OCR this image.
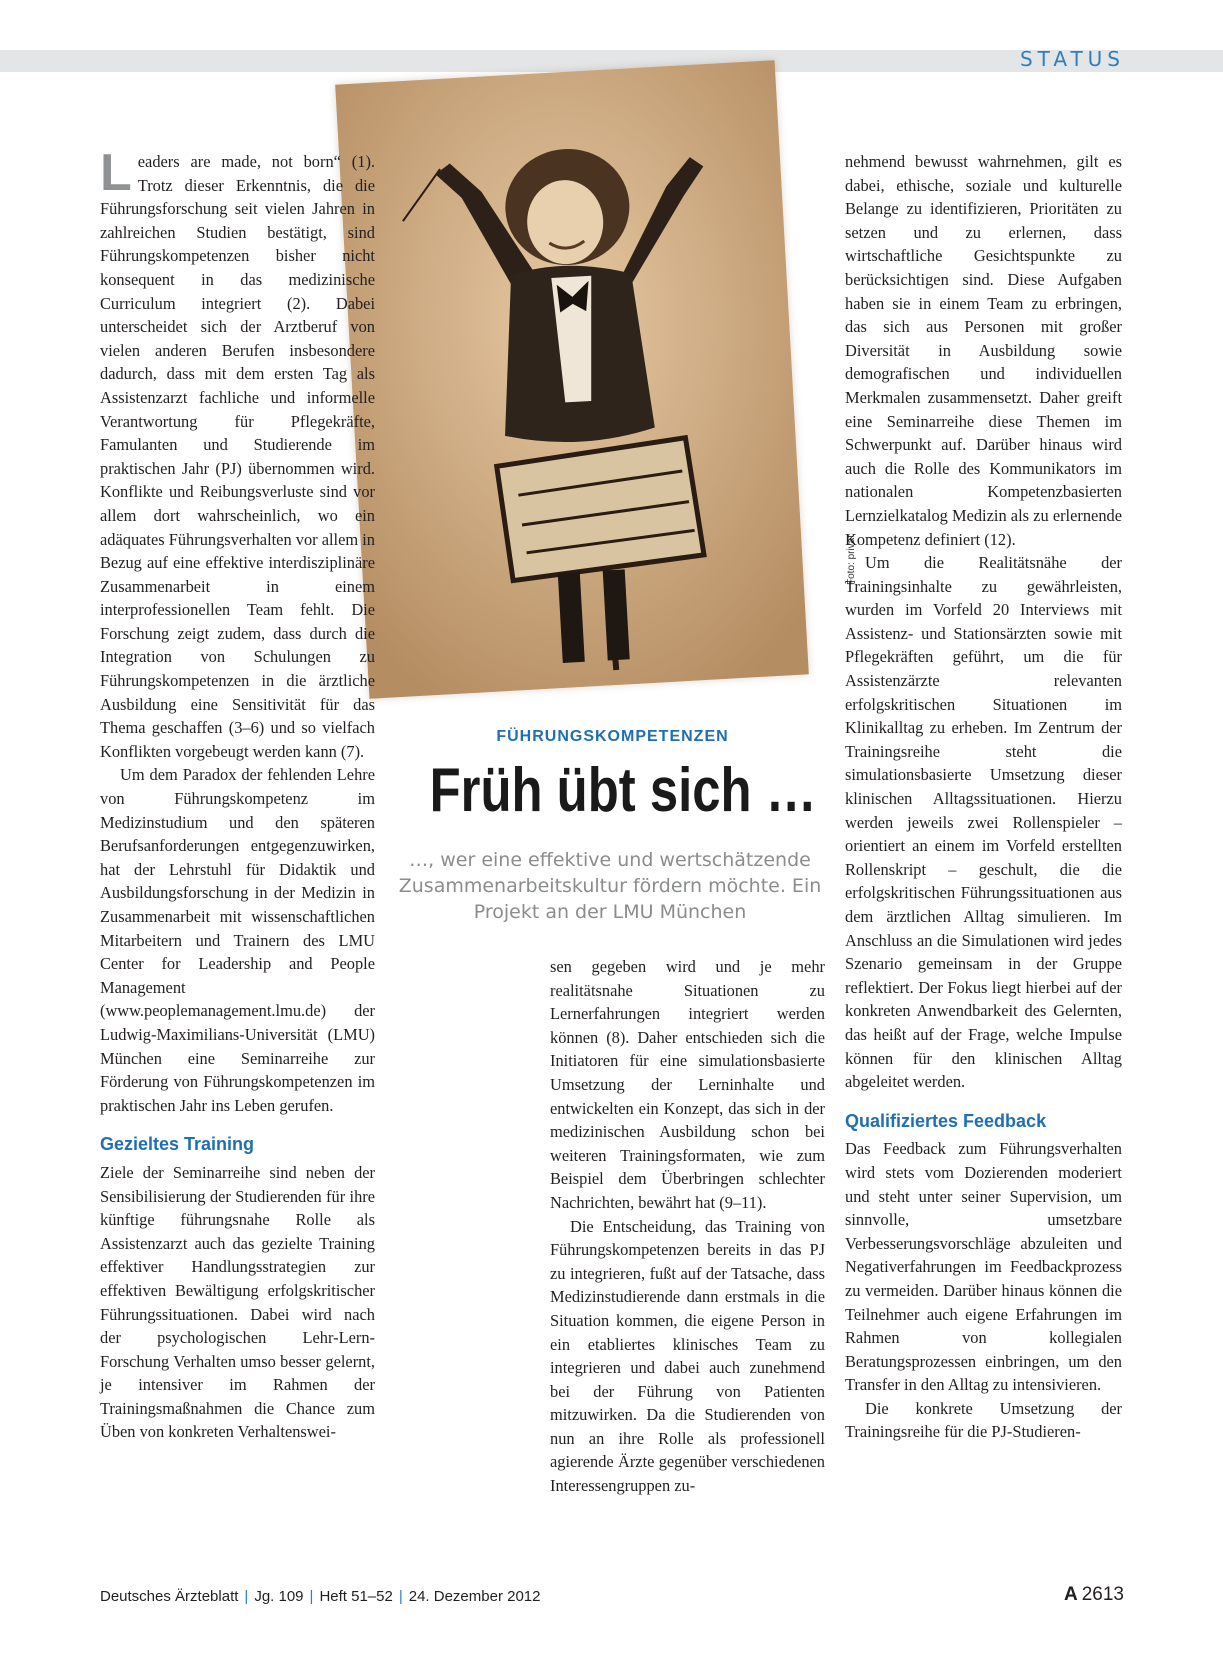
STATUS
Foto: privat
FÜHRUNGSKOMPETENZEN
Früh übt sich …
…, wer eine effektive und wertschätzende Zusammenarbeitskultur fördern möchte. Ein Projekt an der LMU München
L eaders are made, not born“ (1). Trotz dieser Erkenntnis, die die Führungsforschung seit vielen Jahren in zahlreichen Studien bestätigt, sind Führungskompetenzen bisher nicht konsequent in das medizinische Curriculum integriert (2). Dabei unterscheidet sich der Arztberuf von vielen anderen Berufen insbesondere dadurch, dass mit dem ersten Tag als Assistenzarzt fachliche und informelle Verantwortung für Pflegekräfte, Famulanten und Studierende im praktischen Jahr (PJ) übernommen wird. Konflikte und Reibungsverluste sind vor allem dort wahrscheinlich, wo ein adäquates Führungsverhalten vor allem in Bezug auf eine effektive interdisziplinäre Zusammenarbeit in einem interprofessionellen Team fehlt. Die Forschung zeigt zudem, dass durch die Integration von Schulungen zu Führungskompetenzen in die ärztliche Ausbildung eine Sensitivität für das Thema geschaffen (3–6) und so vielfach Konflikten vorgebeugt werden kann (7).

Um dem Paradox der fehlenden Lehre von Führungskompetenz im Medizinstudium und den späteren Berufsanforderungen entgegenzuwirken, hat der Lehrstuhl für Didaktik und Ausbildungsforschung in der Medizin in Zusammenarbeit mit wissenschaftlichen Mitarbeitern und Trainern des LMU Center for Leadership and People Management (www.peoplemanagement.lmu.de) der Ludwig-Maximilians-Universität (LMU) München eine Seminarreihe zur Förderung von Führungskompetenzen im praktischen Jahr ins Leben gerufen.

Gezieltes Training

Ziele der Seminarreihe sind neben der Sensibilisierung der Studierenden für ihre künftige führungsnahe Rolle als Assistenzarzt auch das gezielte Training effektiver Handlungsstrategien zur effektiven Bewältigung erfolgskritischer Führungssituationen. Dabei wird nach der psychologischen Lehr-Lern-Forschung Verhalten umso besser gelernt, je intensiver im Rahmen der Trainingsmaßnahmen die Chance zum Üben von konkreten Verhaltenswei-

sen gegeben wird und je mehr realitätsnahe Situationen zu Lernerfahrungen integriert werden können (8). Daher entschieden sich die Initiatoren für eine simulationsbasierte Umsetzung der Lerninhalte und entwickelten ein Konzept, das sich in der medizinischen Ausbildung schon bei weiteren Trainingsformaten, wie zum Beispiel dem Überbringen schlechter Nachrichten, bewährt hat (9–11).

Die Entscheidung, das Training von Führungskompetenzen bereits in das PJ zu integrieren, fußt auf der Tatsache, dass Medizinstudierende dann erstmals in die Situation kommen, die eigene Person in ein etabliertes klinisches Team zu integrieren und dabei auch zunehmend bei der Führung von Patienten mitzuwirken. Da die Studierenden von nun an ihre Rolle als professionell agierende Ärzte gegenüber verschiedenen Interessengruppen zu-

nehmend bewusst wahrnehmen, gilt es dabei, ethische, soziale und kulturelle Belange zu identifizieren, Prioritäten zu setzen und zu erlernen, dass wirtschaftliche Gesichtspunkte zu berücksichtigen sind. Diese Aufgaben haben sie in einem Team zu erbringen, das sich aus Personen mit großer Diversität in Ausbildung sowie demografischen und individuellen Merkmalen zusammensetzt. Daher greift eine Seminarreihe diese Themen im Schwerpunkt auf. Darüber hinaus wird auch die Rolle des Kommunikators im nationalen Kompetenzbasierten Lernzielkatalog Medizin als zu erlernende Kompetenz definiert (12).

Um die Realitätsnähe der Trainingsinhalte zu gewährleisten, wurden im Vorfeld 20 Interviews mit Assistenz- und Stationsärzten sowie mit Pflegekräften geführt, um die für Assistenzärzte relevanten erfolgskritischen Situationen im Klinikalltag zu erheben. Im Zentrum der Trainingsreihe steht die simulationsbasierte Umsetzung dieser klinischen Alltagssituationen. Hierzu werden jeweils zwei Rollenspieler – orientiert an einem im Vorfeld erstellten Rollenskript – geschult, die die erfolgskritischen Führungssituationen aus dem ärztlichen Alltag simulieren. Im Anschluss an die Simulationen wird jedes Szenario gemeinsam in der Gruppe reflektiert. Der Fokus liegt hierbei auf der konkreten Anwendbarkeit des Gelernten, das heißt auf der Frage, welche Impulse können für den klinischen Alltag abgeleitet werden.

Qualifiziertes Feedback

Das Feedback zum Führungsverhalten wird stets vom Dozierenden moderiert und steht unter seiner Supervision, um sinnvolle, umsetzbare Verbesserungsvorschläge abzuleiten und Negativerfahrungen im Feedbackprozess zu vermeiden. Darüber hinaus können die Teilnehmer auch eigene Erfahrungen im Rahmen von kollegialen Beratungsprozessen einbringen, um den Transfer in den Alltag zu intensivieren.

Die konkrete Umsetzung der Trainingsreihe für die PJ-Studieren-

Deutsches Ärzteblatt | Jg. 109 | Heft 51–52 | 24. Dezember 2012	A 2613
